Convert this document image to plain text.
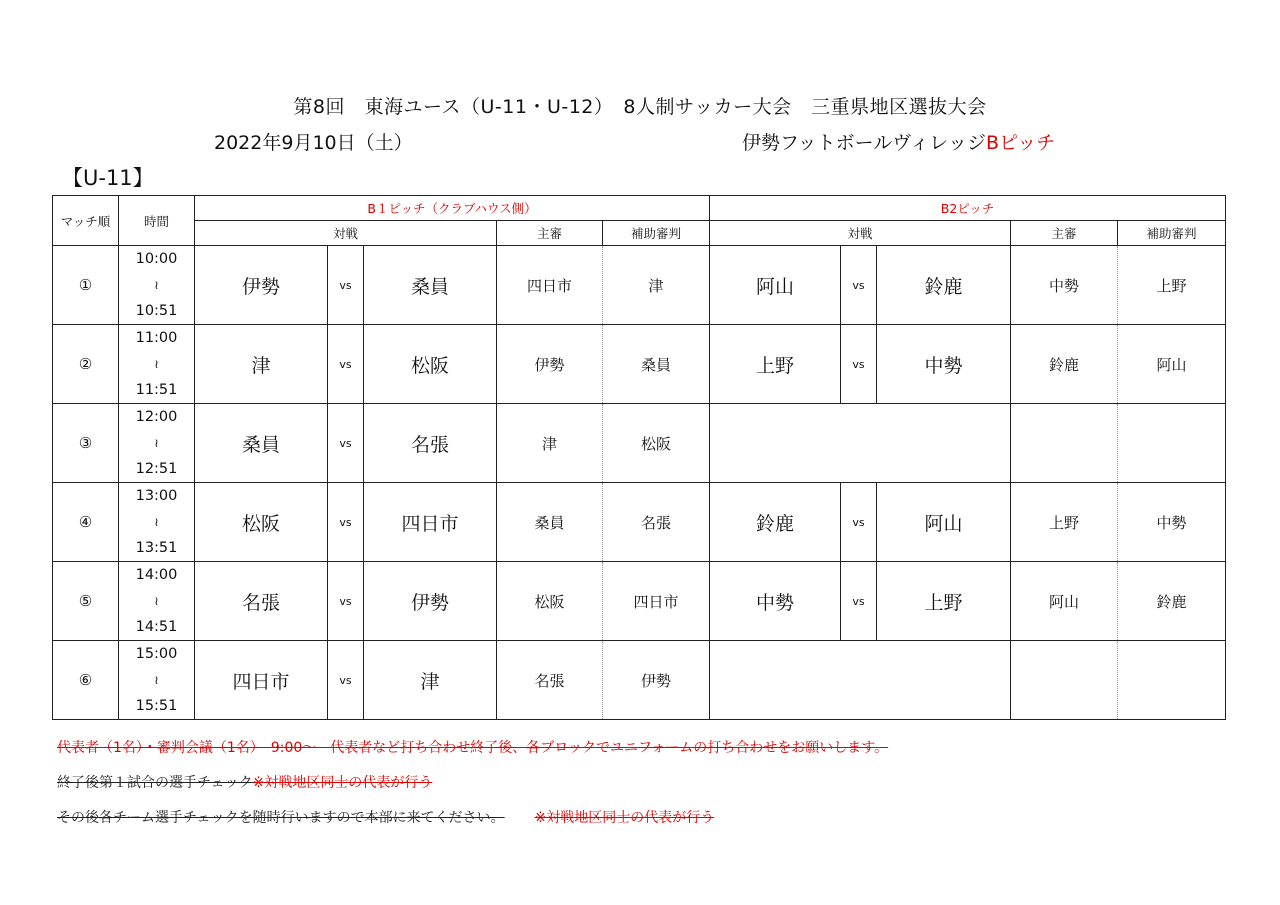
第8回　東海ユース（U-11・U-12）　8人制サッカー大会　三重県地区選抜大会
2022年9月10日（土）	伊勢フットボールヴィレッジBピッチ
【U-11】
マッチ順	時間	B１ピッチ（クラブハウス側）					B2ピッチ				
		対戦			主審	補助審判	対戦			主審	補助審判
①	10:00
≀
10:51	伊勢	vs	桑員	四日市	津	阿山	vs	鈴鹿	中勢	上野
②	11:00
≀
11:51	津	vs	松阪	伊勢	桑員	上野	vs	中勢	鈴鹿	阿山
③	12:00
≀
12:51	桑員	vs	名張	津	松阪					
④	13:00
≀
13:51	松阪	vs	四日市	桑員	名張	鈴鹿	vs	阿山	上野	中勢
⑤	14:00
≀
14:51	名張	vs	伊勢	松阪	四日市	中勢	vs	上野	阿山	鈴鹿
⑥	15:00
≀
15:51	四日市	vs	津	名張	伊勢					
代表者（1名）・審判会議（1名）　9:00～　代表者など打ち合わせ終了後、各ブロックでユニフォームの打ち合わせをお願いします。
終了後第１試合の選手チェック※対戦地区同士の代表が行う
その後各チーム選手チェックを随時行いますので本部に来てください。 ※対戦地区同士の代表が行う
